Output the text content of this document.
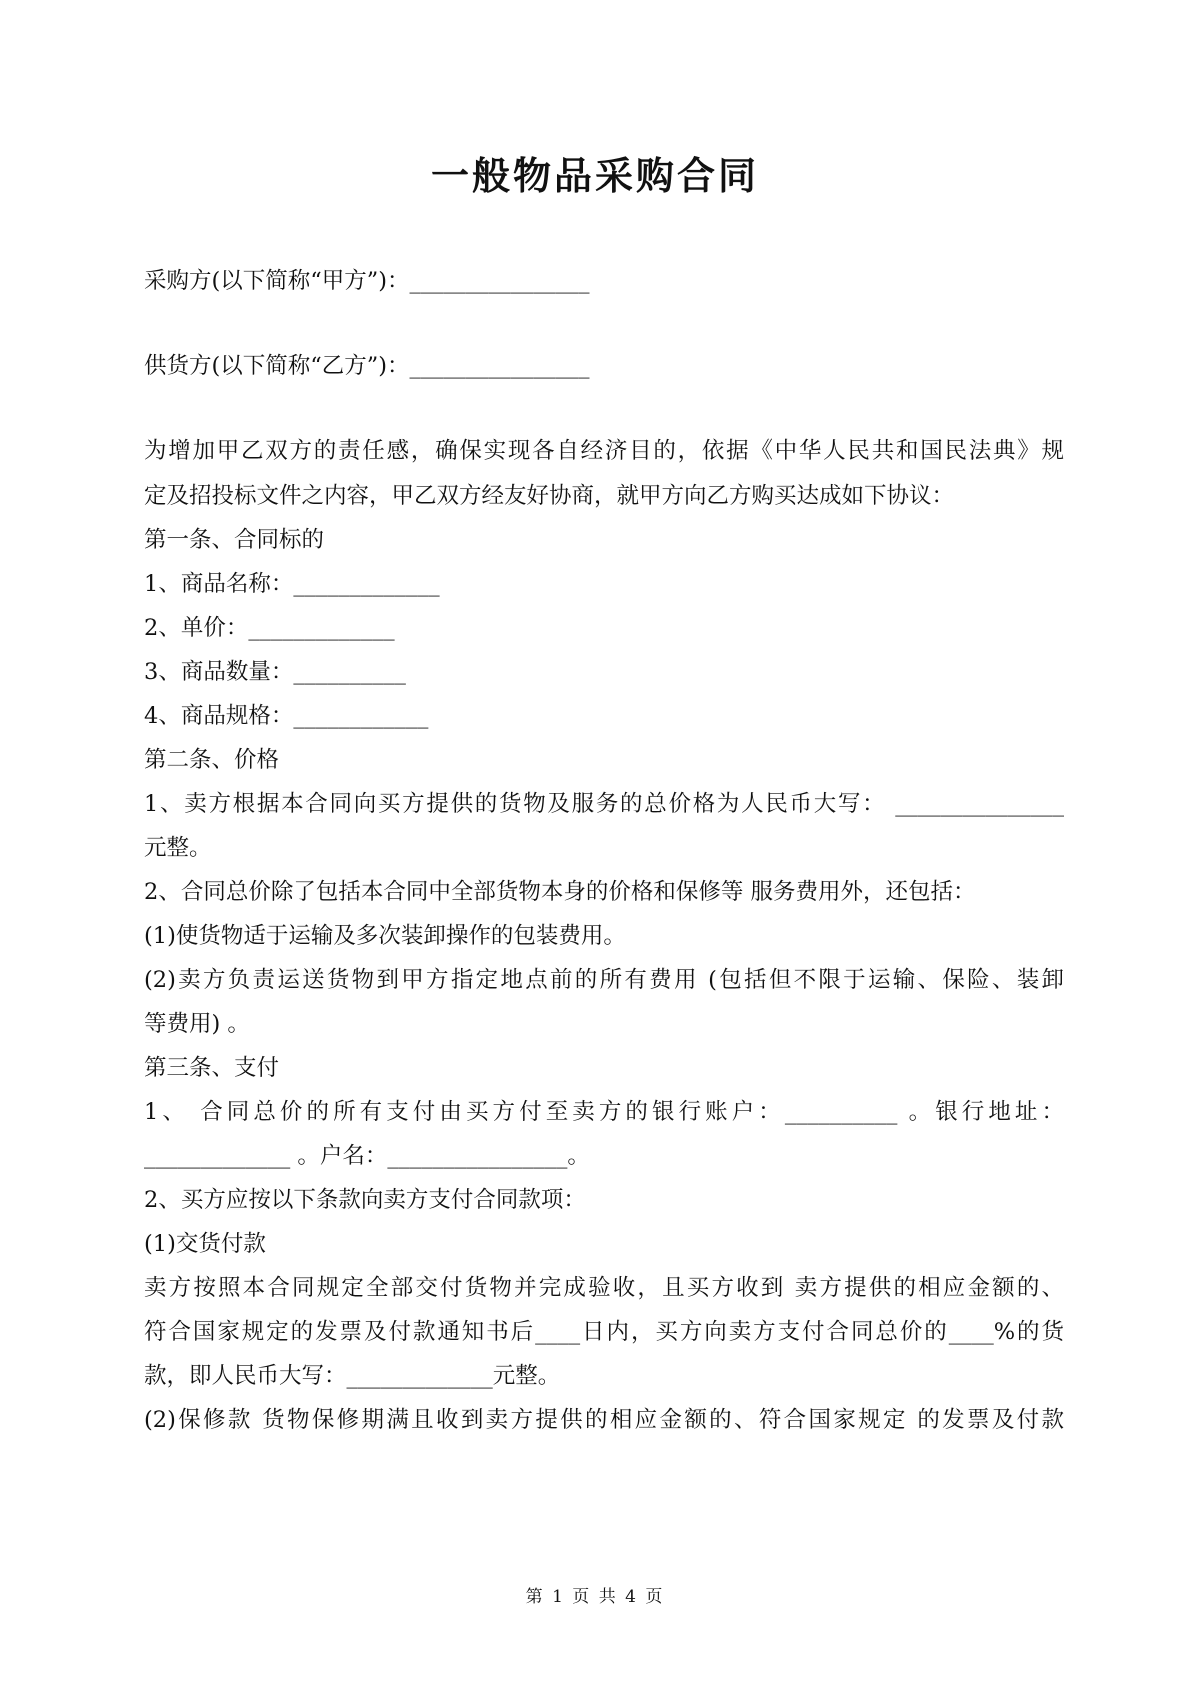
一般物品采购合同

采购方(以下简称“甲方”)：________________

供货方(以下简称“乙方”)：________________

为增加甲乙双方的责任感，确保实现各自经济目的，依据《中华人民共和国民法典》规

定及招投标文件之内容，甲乙双方经友好协商，就甲方向乙方购买达成如下协议：

第一条、合同标的

1、商品名称：_____________

2、单价：_____________

3、商品数量：__________

4、商品规格：____________

第二条、价格

1、卖方根据本合同向买方提供的货物及服务的总价格为人民币大写： _______________

元整。

2、合同总价除了包括本合同中全部货物本身的价格和保修等 服务费用外，还包括：

(1)使货物适于运输及多次装卸操作的包装费用。

(2)卖方负责运送货物到甲方指定地点前的所有费用 (包括但不限于运输、保险、装卸

等费用) 。

第三条、支付

1、 合同总价的所有支付由买方付至卖方的银行账户：__________ 。银行地址：

_____________ 。户名：________________。

2、买方应按以下条款向卖方支付合同款项：

(1)交货付款

卖方按照本合同规定全部交付货物并完成验收，且买方收到 卖方提供的相应金额的、

符合国家规定的发票及付款通知书后____日内，买方向卖方支付合同总价的____%的货

款，即人民币大写：_____________元整。

(2)保修款 货物保修期满且收到卖方提供的相应金额的、符合国家规定 的发票及付款

第 1 页 共 4 页
